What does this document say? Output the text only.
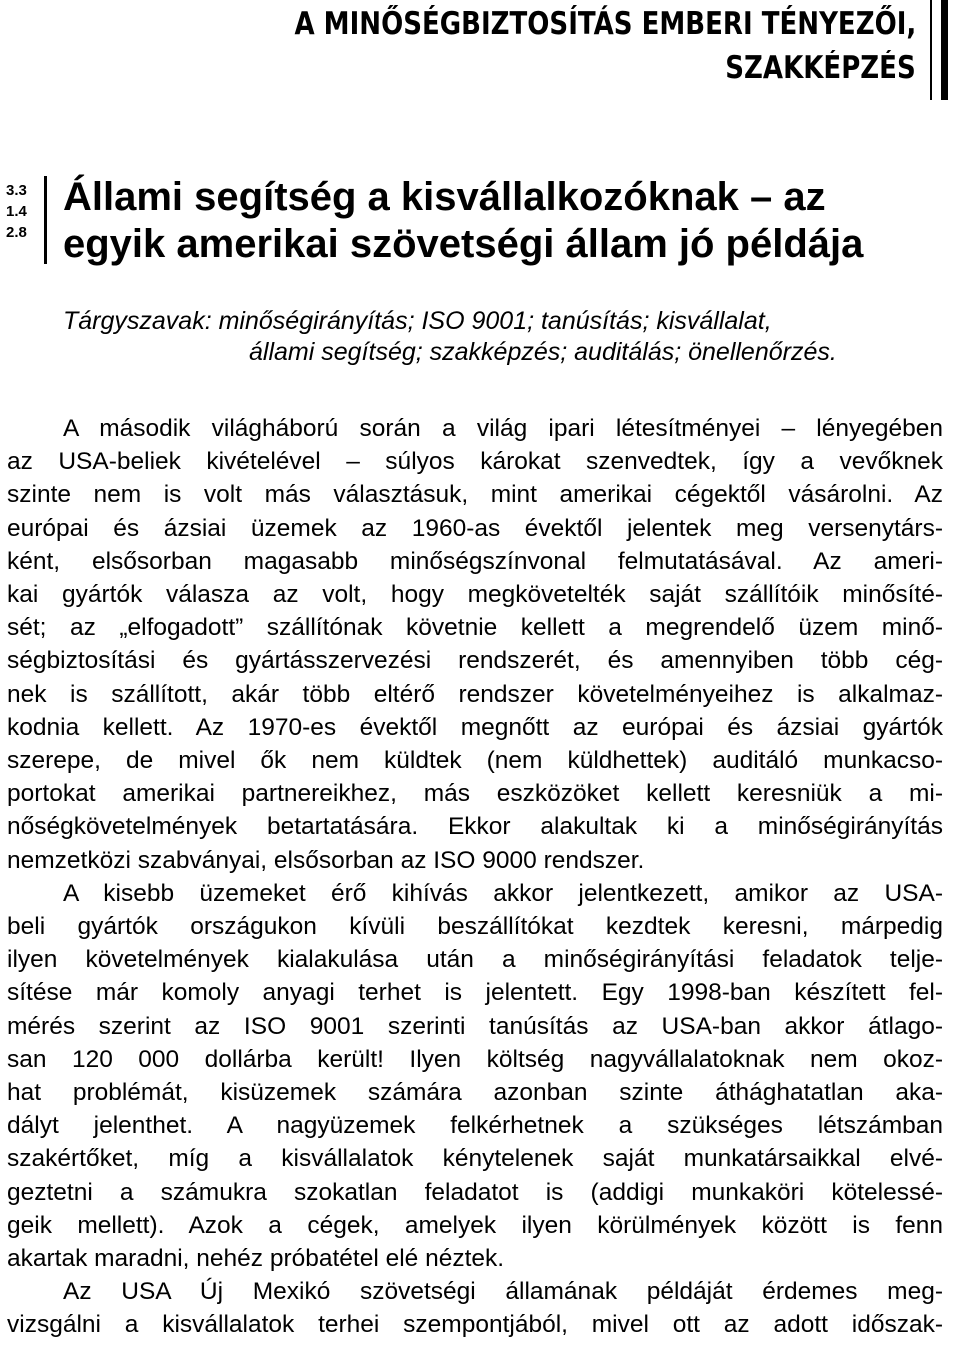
A MINŐSÉGBIZTOSÍTÁS EMBERI TÉNYEZŐI,
SZAKKÉPZÉS
3.3
1.4
2.8
Állami segítség a kisvállalkozóknak – az
egyik amerikai szövetségi állam jó példája
Tárgyszavak: minőségirányítás; ISO 9001; tanúsítás; kisvállalat,
állami segítség; szakképzés; auditálás; önellenőrzés.

A második világháború során a világ ipari létesítményei – lényegében
az USA-beliek kivételével – súlyos károkat szenvedtek, így a vevőknek
szinte nem is volt más választásuk, mint amerikai cégektől vásárolni. Az
európai és ázsiai üzemek az 1960-as évektől jelentek meg versenytárs-
ként, elsősorban magasabb minőségszínvonal felmutatásával. Az ameri-
kai gyártók válasza az volt, hogy megkövetelték saját szállítóik minősíté-
sét; az „elfogadott” szállítónak követnie kellett a megrendelő üzem minő-
ségbiztosítási és gyártásszervezési rendszerét, és amennyiben több cég-
nek is szállított, akár több eltérő rendszer követelményeihez is alkalmaz-
kodnia kellett. Az 1970-es évektől megnőtt az európai és ázsiai gyártók
szerepe, de mivel ők nem küldtek (nem küldhettek) auditáló munkacso-
portokat amerikai partnereikhez, más eszközöket kellett keresniük a mi-
nőségkövetelmények betartatására. Ekkor alakultak ki a minőségirányítás
nemzetközi szabványai, elsősorban az ISO 9000 rendszer.

A kisebb üzemeket érő kihívás akkor jelentkezett, amikor az USA-
beli gyártók országukon kívüli beszállítókat kezdtek keresni, márpedig
ilyen követelmények kialakulása után a minőségirányítási feladatok telje-
sítése már komoly anyagi terhet is jelentett. Egy 1998-ban készített fel-
mérés szerint az ISO 9001 szerinti tanúsítás az USA-ban akkor átlago-
san 120 000 dollárba került! Ilyen költség nagyvállalatoknak nem okoz-
hat problémát, kisüzemek számára azonban szinte áthághatatlan aka-
dályt jelenthet. A nagyüzemek felkérhetnek a szükséges létszámban
szakértőket, míg a kisvállalatok kénytelenek saját munkatársaikkal elvé-
geztetni a számukra szokatlan feladatot is (addigi munkaköri kötelessé-
geik mellett). Azok a cégek, amelyek ilyen körülmények között is fenn
akartak maradni, nehéz próbatétel elé néztek.

Az USA Új Mexikó szövetségi államának példáját érdemes meg-
vizsgálni a kisvállalatok terhei szempontjából, mivel ott az adott időszak-
